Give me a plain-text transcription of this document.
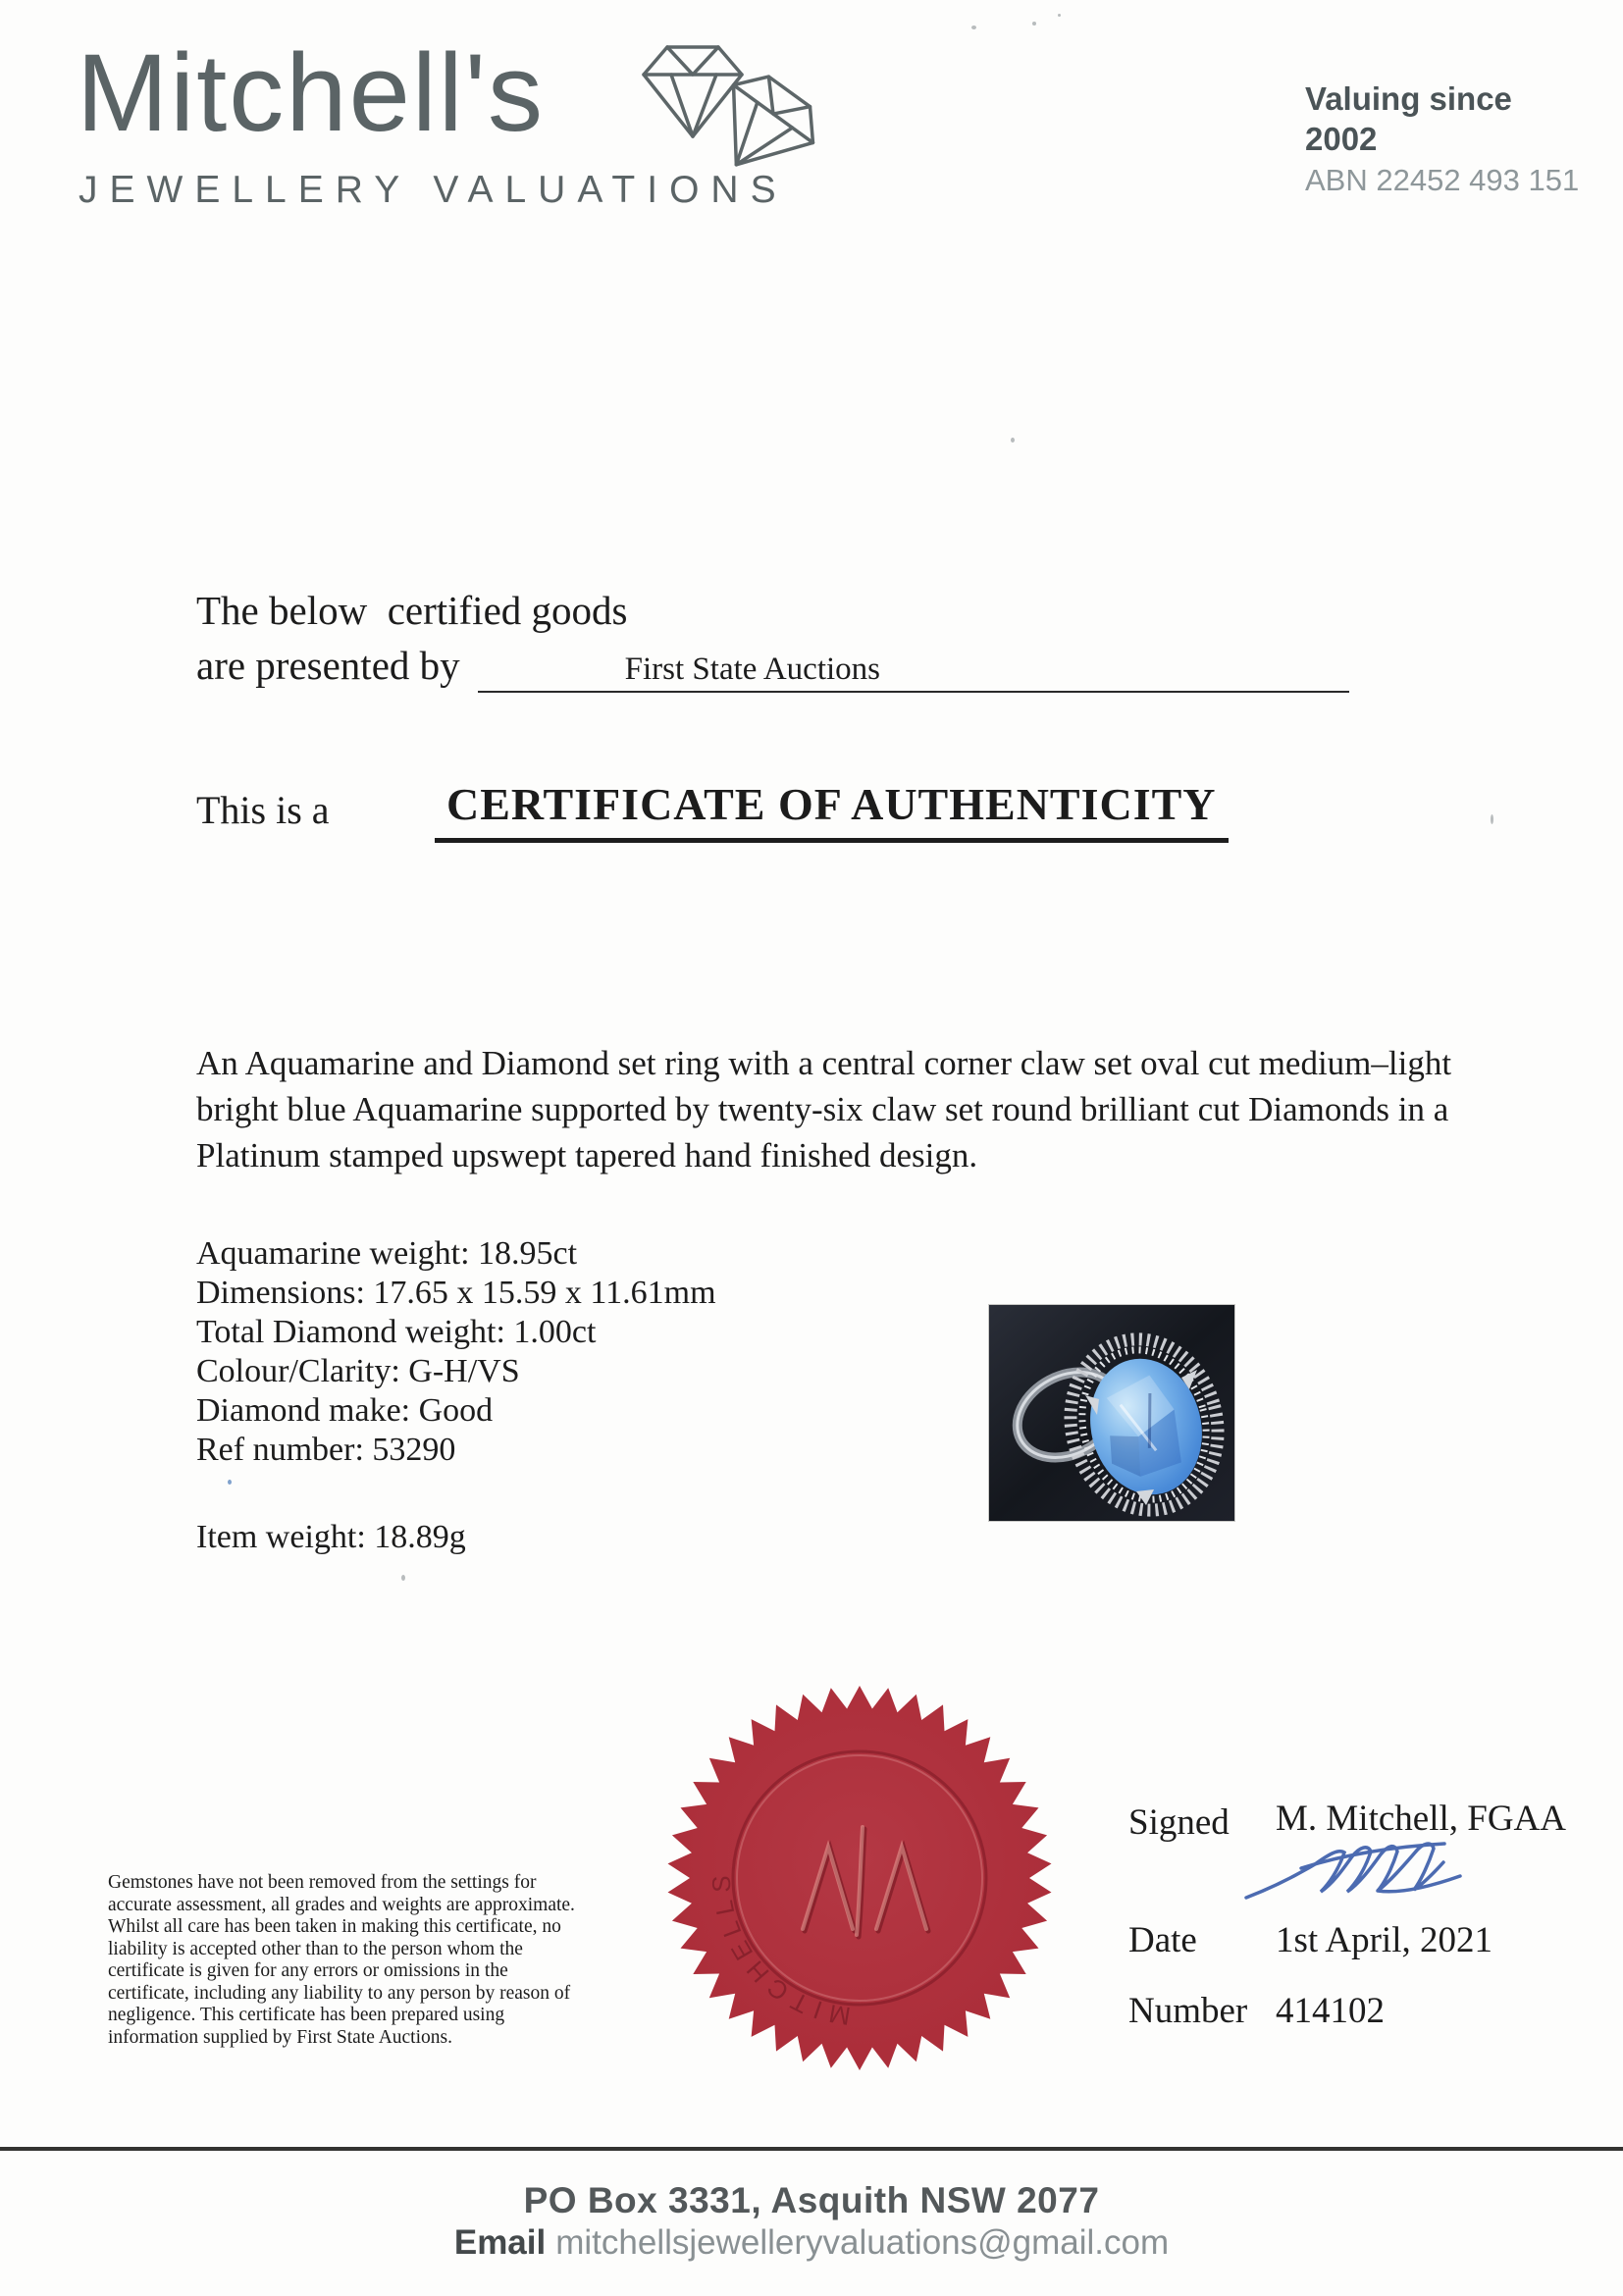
Mitchell's
JEWELLERY VALUATIONS
Valuing since 2002
ABN 22452 493 151
The below  certified goods
are presented by	First State Auctions
This is a	CERTIFICATE OF AUTHENTICITY
An Aquamarine and Diamond set ring with a central corner claw set oval cut medium–light bright blue Aquamarine supported by twenty-six claw set round brilliant cut Diamonds in a Platinum stamped upswept tapered hand finished design.
Aquamarine weight: 18.95ct
Dimensions: 17.65 x 15.59 x 11.61mm
Total Diamond weight: 1.00ct
Colour/Clarity: G-H/VS
Diamond make: Good
Ref number: 53290
Item weight: 18.89g
MITCHELLS
Signed M. Mitchell, FGAA
Date 1st April, 2021
Number 414102
Gemstones have not been removed from the settings for accurate assessment, all grades and weights are approximate. Whilst all care has been taken in making this certificate, no liability is accepted other than to the person whom the certificate is given for any errors or omissions in the certificate, including any liability to any person by reason of negligence. This certificate has been prepared using information supplied by First State Auctions.
PO Box 3331, Asquith NSW 2077
Email mitchellsjewelleryvaluations@gmail.com
